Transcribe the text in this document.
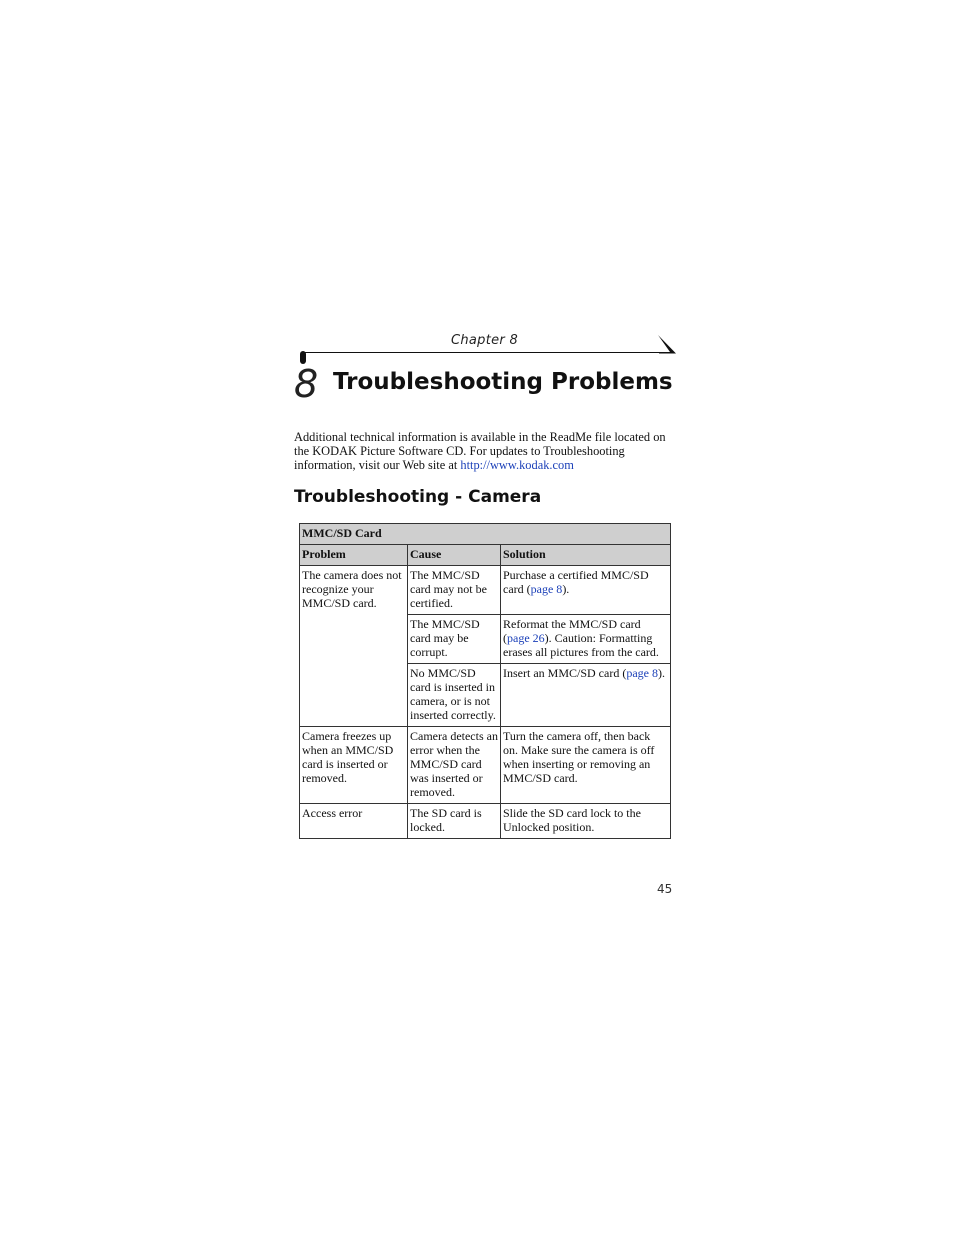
Chapter 8
8 Troubleshooting Problems
Additional technical information is available in the ReadMe file located on the KODAK Picture Software CD. For updates to Troubleshooting information, visit our Web site at http://www.kodak.com
Troubleshooting - Camera
MMC/SD Card		
Problem	Cause	Solution
The camera does not recognize your MMC/SD card.	The MMC/SD card may not be certified.	Purchase a certified MMC/SD card (page 8).
	The MMC/SD card may be corrupt.	Reformat the MMC/SD card (page 26). Caution: Formatting erases all pictures from the card.
	No MMC/SD card is inserted in camera, or is not inserted correctly.	Insert an MMC/SD card (page 8).
Camera freezes up when an MMC/SD card is inserted or removed.	Camera detects an error when the MMC/SD card was inserted or removed.	Turn the camera off, then back on. Make sure the camera is off when inserting or removing an MMC/SD card.
Access error	The SD card is locked.	Slide the SD card lock to the Unlocked position.
45
